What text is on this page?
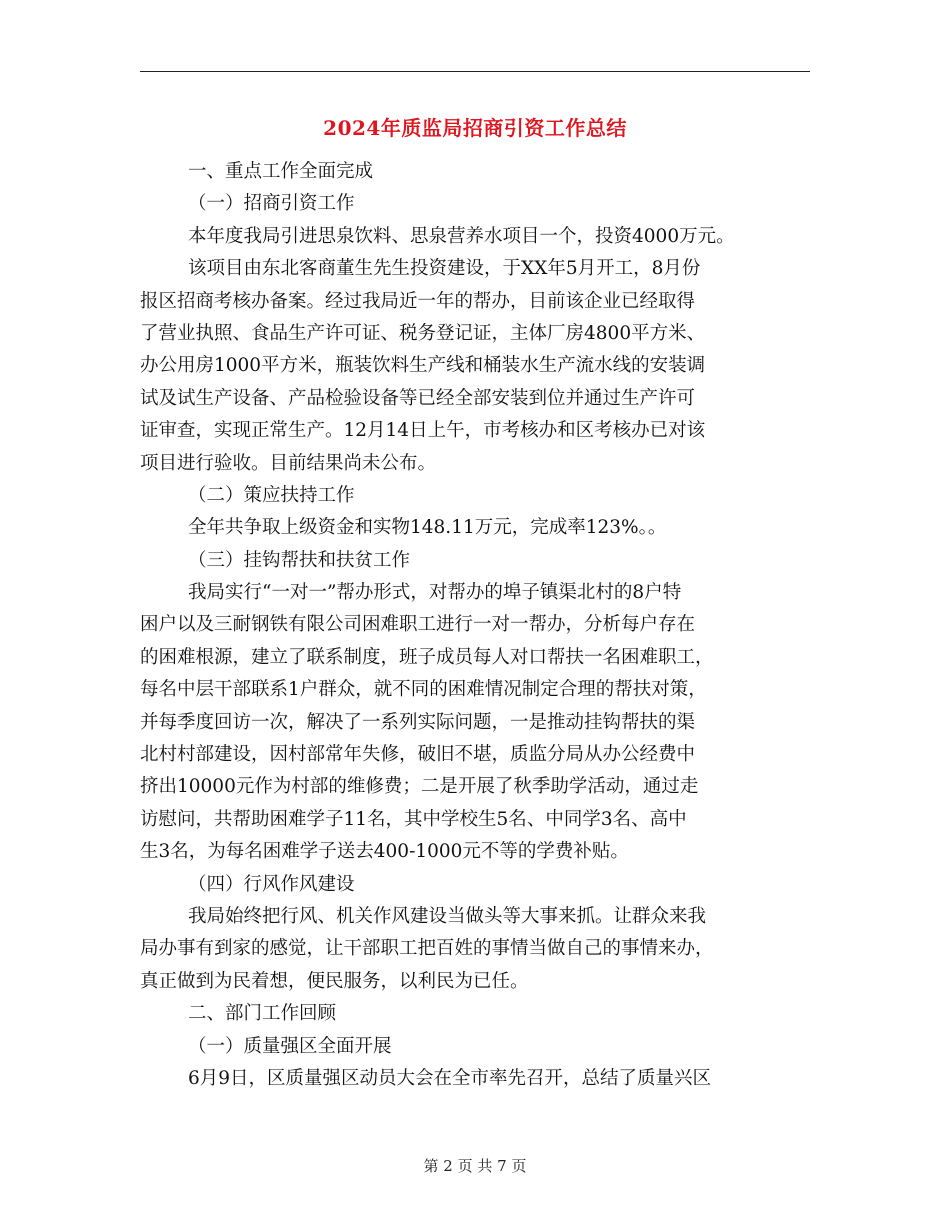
2024年质监局招商引资工作总结
一、重点工作全面完成
（一）招商引资工作
本年度我局引进思泉饮料、思泉营养水项目一个，投资4000万元。
该项目由东北客商董生先生投资建设，于XX年5月开工，8月份
报区招商考核办备案。经过我局近一年的帮办，目前该企业已经取得
了营业执照、食品生产许可证、税务登记证，主体厂房4800平方米、
办公用房1000平方米，瓶装饮料生产线和桶装水生产流水线的安装调
试及试生产设备、产品检验设备等已经全部安装到位并通过生产许可
证审查，实现正常生产。12月14日上午，市考核办和区考核办已对该
项目进行验收。目前结果尚未公布。
（二）策应扶持工作
全年共争取上级资金和实物148.11万元，完成率123%。。
（三）挂钩帮扶和扶贫工作
我局实行“一对一”帮办形式，对帮办的埠子镇渠北村的8户特
困户以及三耐钢铁有限公司困难职工进行一对一帮办，分析每户存在
的困难根源，建立了联系制度，班子成员每人对口帮扶一名困难职工，
每名中层干部联系1户群众，就不同的困难情况制定合理的帮扶对策，
并每季度回访一次，解决了一系列实际问题，一是推动挂钩帮扶的渠
北村村部建设，因村部常年失修，破旧不堪，质监分局从办公经费中
挤出10000元作为村部的维修费；二是开展了秋季助学活动，通过走
访慰问，共帮助困难学子11名，其中学校生5名、中同学3名、高中
生3名，为每名困难学子送去400-1000元不等的学费补贴。
（四）行风作风建设
我局始终把行风、机关作风建设当做头等大事来抓。让群众来我
局办事有到家的感觉，让干部职工把百姓的事情当做自己的事情来办，
真正做到为民着想，便民服务，以利民为已任。
二、部门工作回顾
（一）质量强区全面开展
6月9日，区质量强区动员大会在全市率先召开，总结了质量兴区
第 2 页 共 7 页
